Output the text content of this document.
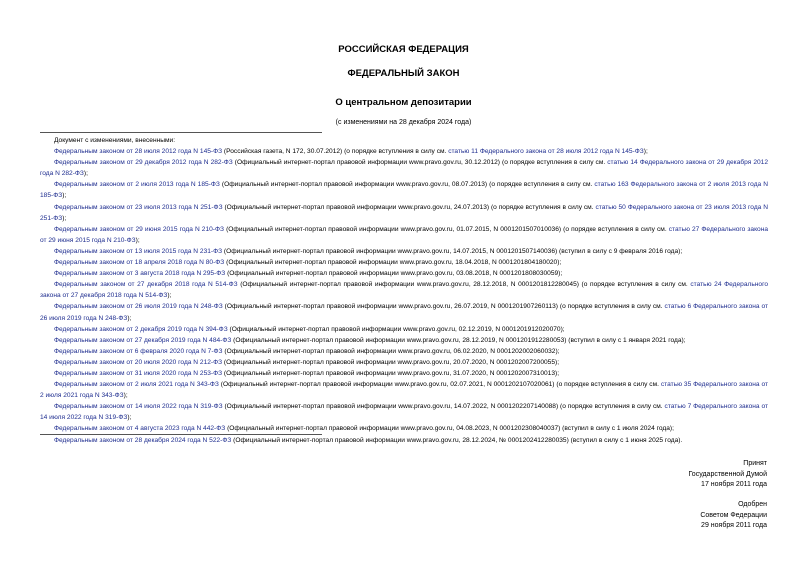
РОССИЙСКАЯ ФЕДЕРАЦИЯ
ФЕДЕРАЛЬНЫЙ ЗАКОН
О центральном депозитарии
(с изменениями на 28 декабря 2024 года)

Документ с изменениями, внесенными:

Федеральным законом от 28 июля 2012 года N 145-ФЗ (Российская газета, N 172, 30.07.2012) (о порядке вступления в силу см. статью 11 Федерального закона от 28 июля 2012 года N 145-ФЗ);

Федеральным законом от 29 декабря 2012 года N 282-ФЗ (Официальный интернет-портал правовой информации www.pravo.gov.ru, 30.12.2012) (о порядке вступления в силу см. статью 14 Федерального закона от 29 декабря 2012 года N 282-ФЗ);

Федеральным законом от 2 июля 2013 года N 185-ФЗ (Официальный интернет-портал правовой информации www.pravo.gov.ru, 08.07.2013) (о порядке вступления в силу см. статью 163 Федерального закона от 2 июля 2013 года N 185-ФЗ);

Федеральным законом от 23 июля 2013 года N 251-ФЗ (Официальный интернет-портал правовой информации www.pravo.gov.ru, 24.07.2013) (о порядке вступления в силу см. статью 50 Федерального закона от 23 июля 2013 года N 251-ФЗ);

Федеральным законом от 29 июня 2015 года N 210-ФЗ (Официальный интернет-портал правовой информации www.pravo.gov.ru, 01.07.2015, N 0001201507010036) (о порядке вступления в силу см. статью 27 Федерального закона от 29 июня 2015 года N 210-ФЗ);

Федеральным законом от 13 июля 2015 года N 231-ФЗ (Официальный интернет-портал правовой информации www.pravo.gov.ru, 14.07.2015, N 0001201507140036) (вступил в силу с 9 февраля 2016 года);

Федеральным законом от 18 апреля 2018 года N 80-ФЗ (Официальный интернет-портал правовой информации www.pravo.gov.ru, 18.04.2018, N 0001201804180020);

Федеральным законом от 3 августа 2018 года N 295-ФЗ (Официальный интернет-портал правовой информации www.pravo.gov.ru, 03.08.2018, N 0001201808030059);

Федеральным законом от 27 декабря 2018 года N 514-ФЗ (Официальный интернет-портал правовой информации www.pravo.gov.ru, 28.12.2018, N 0001201812280045) (о порядке вступления в силу см. статью 24 Федерального закона от 27 декабря 2018 года N 514-ФЗ);

Федеральным законом от 26 июля 2019 года N 248-ФЗ (Официальный интернет-портал правовой информации www.pravo.gov.ru, 26.07.2019, N 0001201907260113) (о порядке вступления в силу см. статью 6 Федерального закона от 26 июля 2019 года N 248-ФЗ);

Федеральным законом от 2 декабря 2019 года N 394-ФЗ (Официальный интернет-портал правовой информации www.pravo.gov.ru, 02.12.2019, N 0001201912020070);

Федеральным законом от 27 декабря 2019 года N 484-ФЗ (Официальный интернет-портал правовой информации www.pravo.gov.ru, 28.12.2019, N 0001201912280053) (вступил в силу с 1 января 2021 года);

Федеральным законом от 6 февраля 2020 года N 7-ФЗ (Официальный интернет-портал правовой информации www.pravo.gov.ru, 06.02.2020, N 0001202002060032);

Федеральным законом от 20 июля 2020 года N 212-ФЗ (Официальный интернет-портал правовой информации www.pravo.gov.ru, 20.07.2020, N 0001202007200055);

Федеральным законом от 31 июля 2020 года N 253-ФЗ (Официальный интернет-портал правовой информации www.pravo.gov.ru, 31.07.2020, N 0001202007310013);

Федеральным законом от 2 июля 2021 года N 343-ФЗ (Официальный интернет-портал правовой информации www.pravo.gov.ru, 02.07.2021, N 0001202107020061) (о порядке вступления в силу см. статью 35 Федерального закона от 2 июля 2021 года N 343-ФЗ);

Федеральным законом от 14 июля 2022 года N 319-ФЗ (Официальный интернет-портал правовой информации www.pravo.gov.ru, 14.07.2022, N 0001202207140088) (о порядке вступления в силу см. статью 7 Федерального закона от 14 июля 2022 года N 319-ФЗ);

Федеральным законом от 4 августа 2023 года N 442-ФЗ (Официальный интернет-портал правовой информации www.pravo.gov.ru, 04.08.2023, N 0001202308040037) (вступил в силу с 1 июля 2024 года);

Федеральным законом от 28 декабря 2024 года N 522-ФЗ (Официальный интернет-портал правовой информации www.pravo.gov.ru, 28.12.2024, № 0001202412280035) (вступил в силу с 1 июня 2025 года).

Принят
Государственной Думой
17 ноября 2011 года
Одобрен
Советом Федерации
29 ноября 2011 года
